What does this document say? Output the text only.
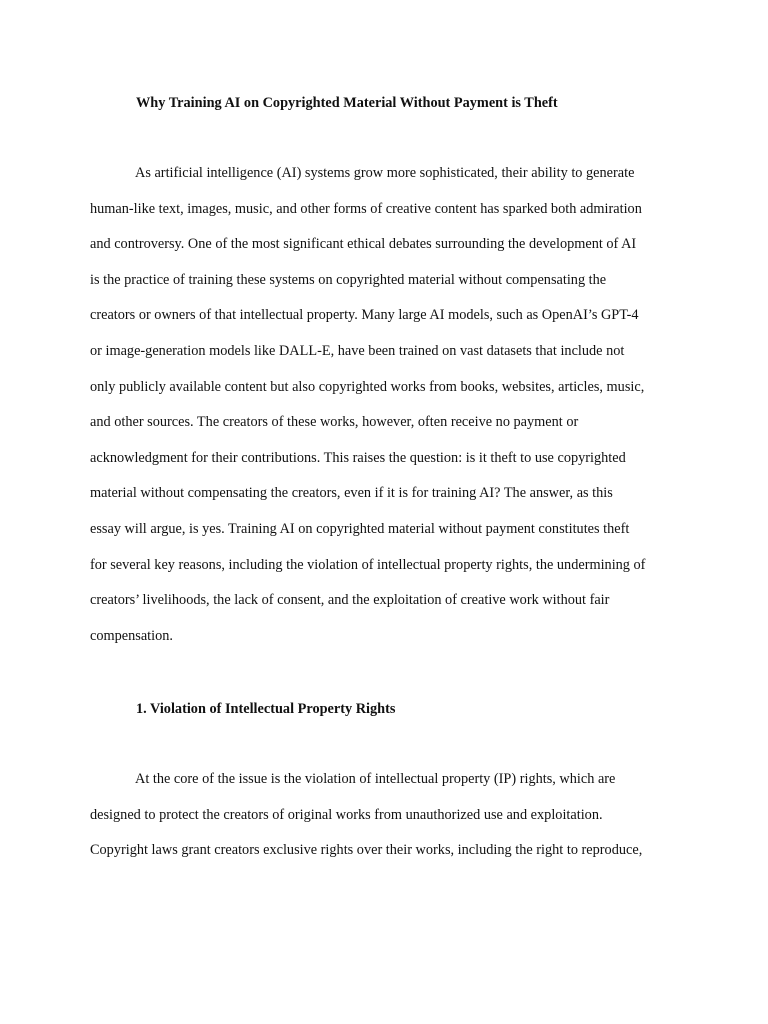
Why Training AI on Copyrighted Material Without Payment is Theft
As artificial intelligence (AI) systems grow more sophisticated, their ability to generate
human-like text, images, music, and other forms of creative content has sparked both admiration
and controversy. One of the most significant ethical debates surrounding the development of AI
is the practice of training these systems on copyrighted material without compensating the
creators or owners of that intellectual property. Many large AI models, such as OpenAI’s GPT-4
or image-generation models like DALL-E, have been trained on vast datasets that include not
only publicly available content but also copyrighted works from books, websites, articles, music,
and other sources. The creators of these works, however, often receive no payment or
acknowledgment for their contributions. This raises the question: is it theft to use copyrighted
material without compensating the creators, even if it is for training AI? The answer, as this
essay will argue, is yes. Training AI on copyrighted material without payment constitutes theft
for several key reasons, including the violation of intellectual property rights, the undermining of
creators’ livelihoods, the lack of consent, and the exploitation of creative work without fair
compensation.
1. Violation of Intellectual Property Rights
At the core of the issue is the violation of intellectual property (IP) rights, which are
designed to protect the creators of original works from unauthorized use and exploitation.
Copyright laws grant creators exclusive rights over their works, including the right to reproduce,
